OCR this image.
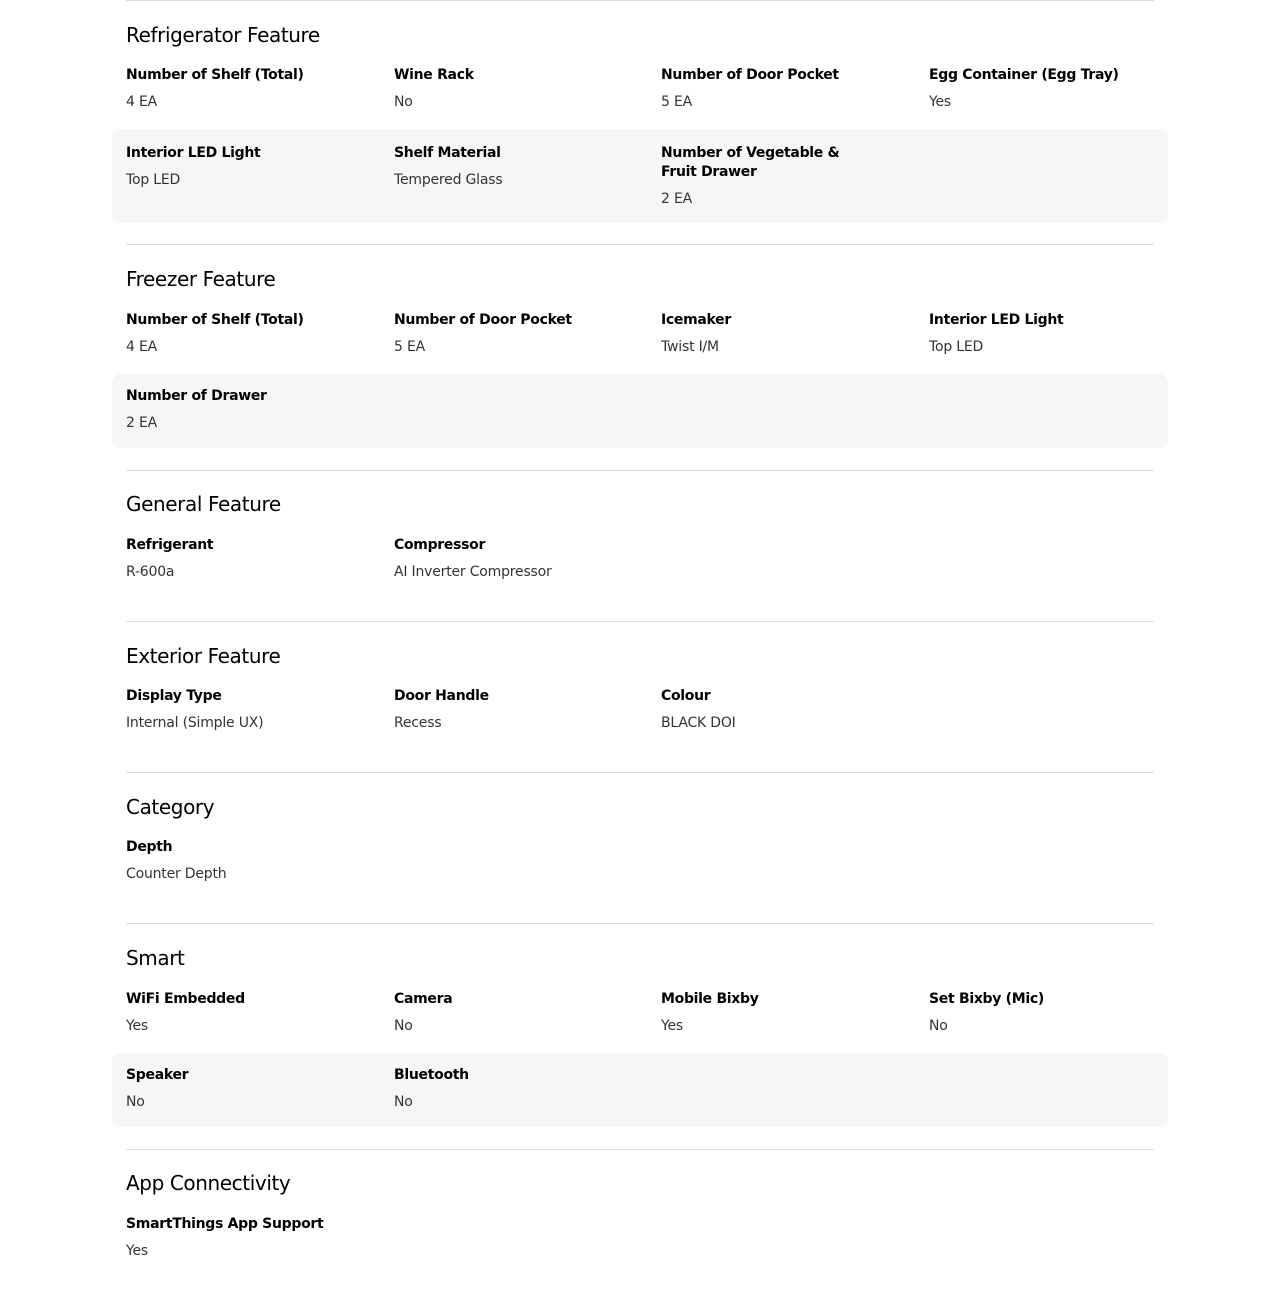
Refrigerator Feature

Number of Shelf (Total)

4 EA

Wine Rack

No

Number of Door Pocket

5 EA

Egg Container (Egg Tray)

Yes

Interior LED Light

Top LED

Shelf Material

Tempered Glass

Number of Vegetable & Fruit Drawer

2 EA
Freezer Feature

Number of Shelf (Total)

4 EA

Number of Door Pocket

5 EA

Icemaker

Twist I/M

Interior LED Light

Top LED

Number of Drawer

2 EA
General Feature

Refrigerant

R-600a

Compressor

AI Inverter Compressor
Exterior Feature

Display Type

Internal (Simple UX)

Door Handle

Recess

Colour

BLACK DOI
Category

Depth

Counter Depth
Smart

WiFi Embedded

Yes

Camera

No

Mobile Bixby

Yes

Set Bixby (Mic)

No

Speaker

No

Bluetooth

No
App Connectivity

SmartThings App Support

Yes
